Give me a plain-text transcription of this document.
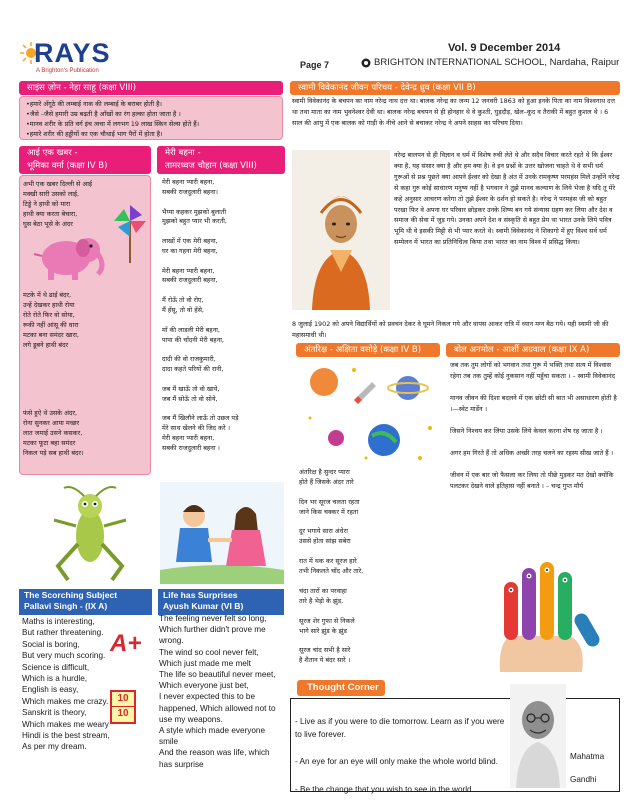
RAYS
A Brighton's Publication
Vol. 9 December 2014
Page 7	BRIGHTON INTERNATIONAL SCHOOL, Nardaha, Raipur
साइंस ज़ोन - नेहा साहू (कक्षा VIII)
•हमारे अँगूठे की लम्बाई नाक की लम्बाई के बराबर होती है।
•जैसे –जैसे हमारी उम्र बढ़ती है आँखों का रंग हल्का होता जाता है ।
•मानव शरीर के प्रति वर्ग इंच त्वचा में लगभग 19 लाख स्किन सेल्स होते हैं।
•हमारे शरीर की हड्डीयों का एक चौथाई भाग पैरों में होता है।
स्वामी विवेकानंद जीवन परिचय - देवेन्द्र ध्रुव (कक्षा VII B)
स्वामी विवेकानंद के बचपन का नाम नरेन्द्र नाथ दत्त था। बालक नरेन्द्र का जन्म 12 जनवरी 1863 को हुआ इनके पिता का नाम विश्वनाथ दत्त था तथा माता का नाम भुवनेश्वर देवी था। बालक नरेन्द्र बचपन से ही होनहार थे वे कुश्ती, घुड़दौड़, खेल–कूद व तैराकी में बहुत कुशल थे । 6 साल की आयु में एक बालक को गाड़ी के नीचे आने से बचाकर नरेन्द्र ने अपने साहस का परिचय दिया।
नरेन्द्र बालपन से ही विज्ञान व धर्म में विशेष रुची लेते थे और सदैव विचार करते रहते थे कि ईश्वर क्या है, यह संसार क्या है और हम क्या है। वे इन प्रश्नों के उत्तर खोजना चाहते थे वे सभी धर्म गुरूओं से प्रश्न पूछते क्या आपने ईश्वर को देखा है अंत में उनके रामकृष्ण परमहंस मिले उन्होंने नरेन्द्र से कहा गुरु कोई साधारण मनुष्य नहीं है भगवान ने तुझे मानव कल्याण के लिये भेजा है यदि तू मेरे कहे अनुसार आचरण करेगा तो तुझे ईश्वर के दर्शन हो सकते है। नरेन्द्र ने परमहंस जी को बहुत परखा फिर वे अपना घर परिवार छोड़कर उनके शिष्य बन गये संन्यास ग्रहण कर लिया और देश व समाज की सेवा में जुड़ गये। उनका अपने देश व संस्कृति से बहुत प्रेम था भारत उनके लिये पवित्र भूमि थी वे इसकी मिट्टी से भी प्यार करते थे। स्वामी विवेकानंद ने शिकागो में हुए विश्व सर्व धर्म सम्मेलन में भारत का प्रतिनिधित्व किया तथा भारत का नाम विश्व में प्रसिद्ध किया।
8 जुलाई 1902 को अपने विद्यार्थियों को प्रवचन देकर वे घूमने निकल गये और वापस आकर रात्रि में ध्यान मग्न बैठ गये। यही स्वामी जी की महासमाधी थी।
आई एक खबर -
भूमिका वर्मा (कक्षा IV B)
अभी एक खबर दिल्ली से आई
मक्खी सारी उसको लाई,
टिड्डे ने हाथी को मारा
हाथी क्या करता बेचारा,
घुस बेठा भूसे के अंदर
मटके में थे ढाई बंदर,
उन्हें देखकर हाथी रोया
रोते रोते फिर वो सोया,
रूकी नहीं आंसू की धारा
मटका बना समंदर खारा,
लगे डूबने हाथी बंदर
फंसे हुऐ थे उसके अंदर,
रोना सुनकर आया मच्छर
लात जमाई उसने कसकर,
मटका फूटा बहा समंदर
निकल पड़े सब हाथी बंदर।
मेरी बहना -
तामरध्वज चौहान (कक्षा VIII)
मेरी बहना प्यारी बहना,
सबकी राजदुलारी बहना।

भैय्या कहकर मुझको बुलाती
मुझको बहुत प्यार भी करती,

लाखों में एक मेरी बहना,
घर का गहना मेरी बहना,

मेरी बहना प्यारी बहना,
सबकी राजदुलारी बहना,

मैं रोऊँ तो वो रोए,
मैं हँसू, तो वो हँसे,

माँ की लाडली मेरी बहना,
पापा की चाँदनी मेरी बहना,

दादी की वो राजकुमारी,
दादा कहते परियों की रानी,

जब मैं खाऊँ तो वो खाये,
जब मैं सोऊँ तो वो सोये,

जब मैं खिलौने लाऊँ तो उछल पड़े
मेरे साथ खेलने की जिद करे ।
मेरी बहना प्यारी बहना,
सबकी राजदुलारी बहना ।
अंतरिक्ष - अक्षिता वसोड़े (कक्षा IV B)
अंतरिक्ष है सुन्दर प्यारा
होते हैं जिसके अंदर तारे

दिन भर सूरज चलता रहता
जाने किस चक्कर में रहता

दूर भगाये सारा अंधेरा
उससे होता सांझ सबेरा

रात में थक कर सूरज हारे
तभी निकलते चाँद और तारे,

चंदा तारों का परवाहा
तारे है भेड़ो के झुंड,

सूरज शेर गुफा से निकले
भागे सारे झुंड के झुंड

सूरज चांद सभी है सारे
है शैतान ये बंदर सारे ।
बोल अनमोल - आर्शी अग्रवाल (कक्षा IX A)
जब तक तुम लोगों को भगवान तथा गुरू में भक्ति तथा सत्य में विश्वास रहेगा तब तक तुम्हें कोई नुकसान नहीं पहुँचा सकता । – स्वामी विवेकानंद

मानव जीवन की दिशा बदलने में एक छोटी सी बात भी असाधारण होती है ।—स्वेट मार्डेन ।

जिसने निश्चय कर लिया उसके लिये केवल करना शेष रह जाता है ।

अगर हम गिरते हैं तो अधिक अच्छी तरह चलने का रहस्य सीख जाते हैं ।

जीवन में एक बार जो फैसला कर लिया तो पीछे मुड़कर मत देखो क्योंकि पलटकर देखने वाले इतिहास नहीं बनाते । – चन्द्र गुप्त मौर्य
The Scorching Subject
Pallavi Singh - (IX A)
Maths is interesting,
But rather threatening.
Social is boring,
But very much scoring.
Science is difficult,
Which is a hurdle,
English is easy,
Which makes me crazy.
Sanskrit is theory,
Which makes me weary
Hindi is the best stream,
As per my dream.
A+
10
10
Life has Surprises
Ayush Kumar (VI B)
The feeling never felt so long,
Which further didn't prove me
wrong.
The wind so cool never felt,
Which just made me melt
The life so beautiful never meet,
Which everyone just bet,
I never expected this to be
happened, Which allowed not to
use my weapons.
A style which made everyone
smile
And the reason was life, which
has surprise
Thought Corner

- Live as if you were to die tomorrow. Learn as if you were to live forever.

- An eye for an eye will only make the whole world blind.

- Be the change that you wish to see in the world

Mahatma

Gandhi
